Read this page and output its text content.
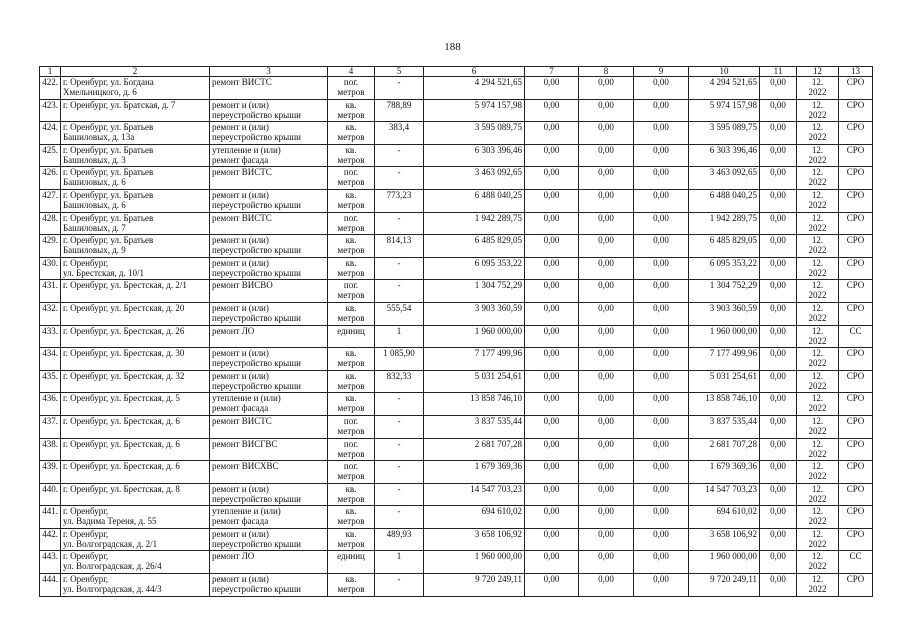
188
1	2	3	4	5	6	7	8	9	10	11	12	13
422.	г. Оренбург, ул. Богдана
Хмельницкого, д. 6	ремонт ВИСТС	пог.
метров	-	4 294 521,65	0,00	0,00	0,00	4 294 521,65	0,00	12.
2022	СРО
423.	г. Оренбург, ул. Братская, д. 7	ремонт и (или)
переустройство крыши	кв.
метров	788,89	5 974 157,98	0,00	0,00	0,00	5 974 157,98	0,00	12.
2022	СРО
424.	г. Оренбург, ул. Братьев
Башиловых, д. 13а	ремонт и (или)
переустройство крыши	кв.
метров	383,4	3 595 089,75	0,00	0,00	0,00	3 595 089,75	0,00	12.
2022	СРО
425.	г. Оренбург, ул. Братьев
Башиловых, д. 3	утепление и (или)
ремонт фасада	кв.
метров	-	6 303 396,46	0,00	0,00	0,00	6 303 396,46	0,00	12.
2022	СРО
426.	г. Оренбург, ул. Братьев
Башиловых, д. 6	ремонт ВИСТС	пог.
метров	-	3 463 092,65	0,00	0,00	0,00	3 463 092,65	0,00	12.
2022	СРО
427.	г. Оренбург, ул. Братьев
Башиловых, д. 6	ремонт и (или)
переустройство крыши	кв.
метров	773,23	6 488 040,25	0,00	0,00	0,00	6 488 040,25	0,00	12.
2022	СРО
428.	г. Оренбург, ул. Братьев
Башиловых, д. 7	ремонт ВИСТС	пог.
метров	-	1 942 289,75	0,00	0,00	0,00	1 942 289,75	0,00	12.
2022	СРО
429.	г. Оренбург, ул. Братьев
Башиловых, д. 9	ремонт и (или)
переустройство крыши	кв.
метров	814,13	6 485 829,05	0,00	0,00	0,00	6 485 829,05	0,00	12.
2022	СРО
430.	г. Оренбург,
ул. Брестская, д. 10/1	ремонт и (или)
переустройство крыши	кв.
метров	-	6 095 353,22	0,00	0,00	0,00	6 095 353,22	0,00	12.
2022	СРО
431.	г. Оренбург, ул. Брестская, д. 2/1	ремонт ВИСВО	пог.
метров	-	1 304 752,29	0,00	0,00	0,00	1 304 752,29	0,00	12.
2022	СРО
432.	г. Оренбург, ул. Брестская, д. 20	ремонт и (или)
переустройство крыши	кв.
метров	555,54	3 903 360,59	0,00	0,00	0,00	3 903 360,59	0,00	12.
2022	СРО
433.	г. Оренбург, ул. Брестская, д. 26	ремонт ЛО	единиц	1	1 960 000,00	0,00	0,00	0,00	1 960 000,00	0,00	12.
2022	СС
434.	г. Оренбург, ул. Брестская, д. 30	ремонт и (или)
переустройство крыши	кв.
метров	1 085,90	7 177 499,96	0,00	0,00	0,00	7 177 499,96	0,00	12.
2022	СРО
435.	г. Оренбург, ул. Брестская, д. 32	ремонт и (или)
переустройство крыши	кв.
метров	832,33	5 031 254,61	0,00	0,00	0,00	5 031 254,61	0,00	12.
2022	СРО
436.	г. Оренбург, ул. Брестская, д. 5	утепление и (или)
ремонт фасада	кв.
метров	-	13 858 746,10	0,00	0,00	0,00	13 858 746,10	0,00	12.
2022	СРО
437.	г. Оренбург, ул. Брестская, д. 6	ремонт ВИСТС	пог.
метров	-	3 837 535,44	0,00	0,00	0,00	3 837 535,44	0,00	12.
2022	СРО
438.	г. Оренбург, ул. Брестская, д. 6	ремонт ВИСГВС	пог.
метров	-	2 681 707,28	0,00	0,00	0,00	2 681 707,28	0,00	12.
2022	СРО
439.	г. Оренбург, ул. Брестская, д. 6	ремонт ВИСХВС	пог.
метров	-	1 679 369,36	0,00	0,00	0,00	1 679 369,36	0,00	12.
2022	СРО
440.	г. Оренбург, ул. Брестская, д. 8	ремонт и (или)
переустройство крыши	кв.
метров	-	14 547 703,23	0,00	0,00	0,00	14 547 703,23	0,00	12.
2022	СРО
441.	г. Оренбург,
ул. Вадима Тереня, д. 55	утепление и (или)
ремонт фасада	кв.
метров	-	694 610,02	0,00	0,00	0,00	694 610,02	0,00	12.
2022	СРО
442.	г. Оренбург,
ул. Волгоградская, д. 2/1	ремонт и (или)
переустройство крыши	кв.
метров	489,93	3 658 106,92	0,00	0,00	0,00	3 658 106,92	0,00	12.
2022	СРО
443.	г. Оренбург,
ул. Волгоградская, д. 26/4	ремонт ЛО	единиц	1	1 960 000,00	0,00	0,00	0,00	1 960 000,00	0,00	12.
2022	СС
444.	г. Оренбург,
ул. Волгоградская, д. 44/3	ремонт и (или)
переустройство крыши	кв.
метров	-	9 720 249,11	0,00	0,00	0,00	9 720 249,11	0,00	12.
2022	СРО
